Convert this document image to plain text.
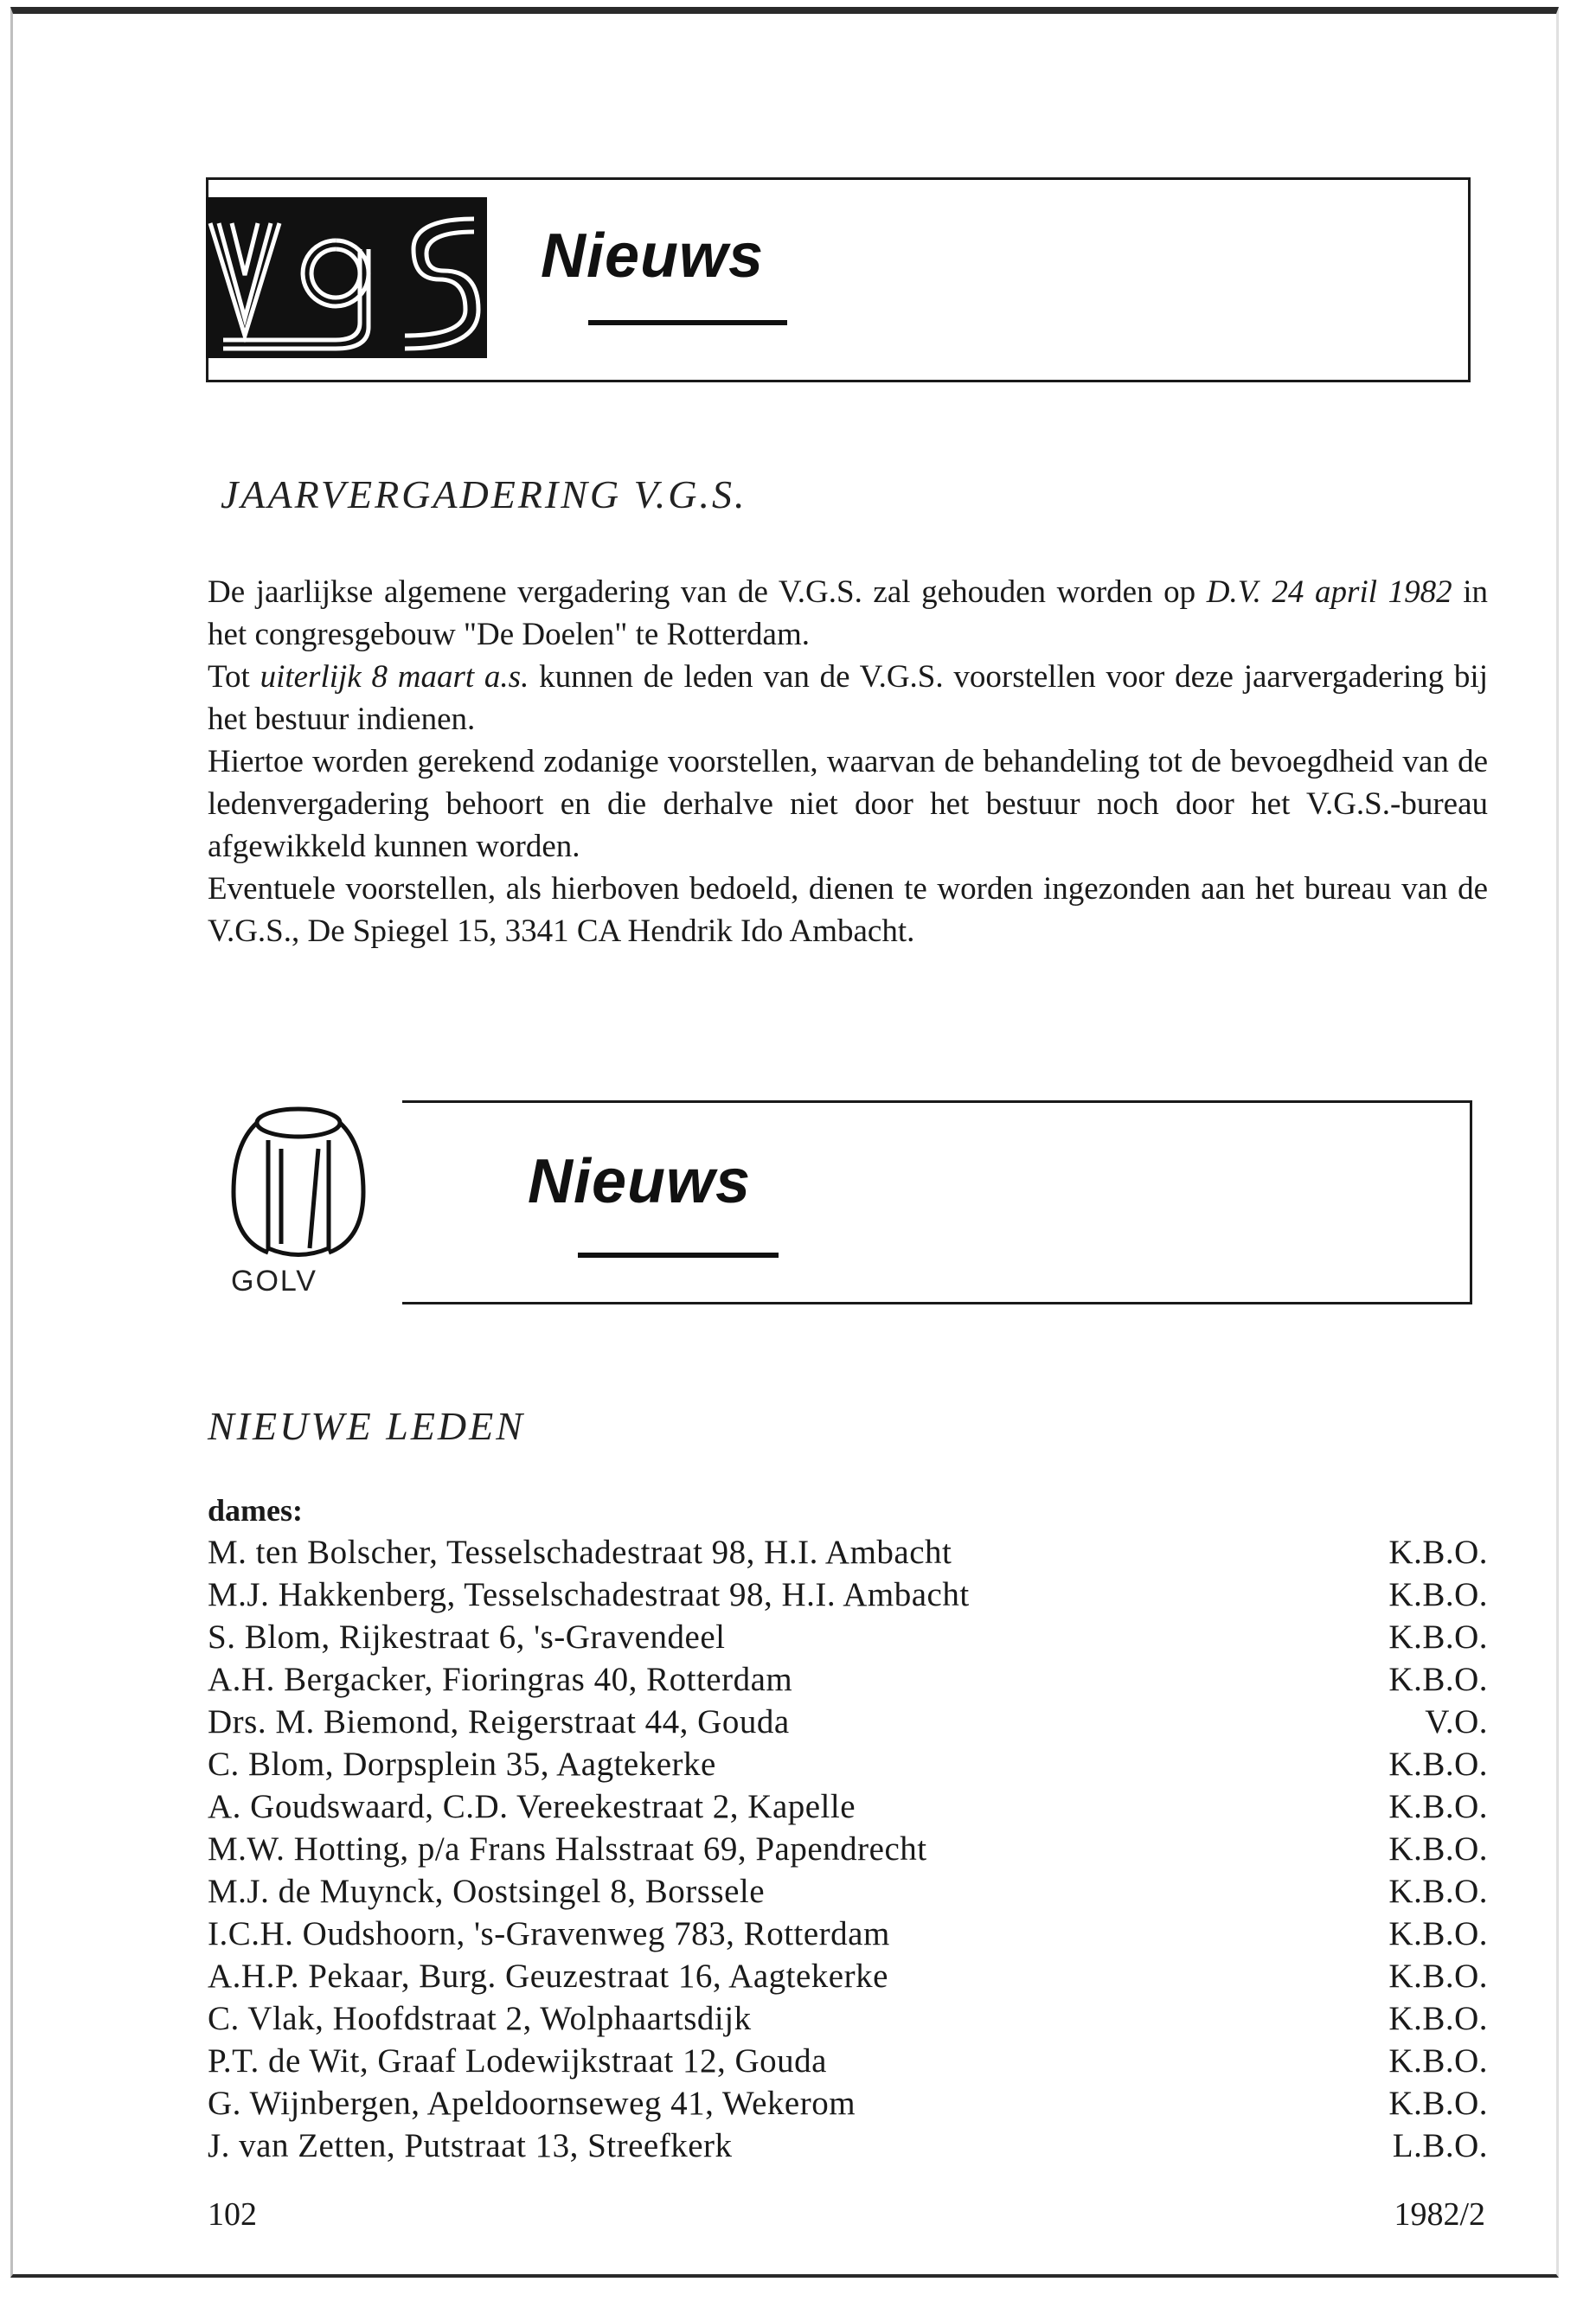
Nieuws
JAARVERGADERING V.G.S.

De jaarlijkse algemene vergadering van de V.G.S. zal gehouden worden op D.V. 24 april 1982 in het congresgebouw "De Doelen" te Rotterdam.

Tot uiterlijk 8 maart a.s. kunnen de leden van de V.G.S. voorstellen voor deze jaarvergadering bij het bestuur indienen.

Hiertoe worden gerekend zodanige voorstellen, waarvan de behandeling tot de bevoegdheid van de ledenvergadering behoort en die derhalve niet door het bestuur noch door het V.G.S.-bureau afgewikkeld kunnen worden.

Eventuele voorstellen, als hierboven bedoeld, dienen te worden ingezonden aan het bureau van de V.G.S., De Spiegel 15, 3341 CA Hendrik Ido Ambacht.

GOLV
Nieuws
NIEUWE LEDEN
dames:
M. ten Bolscher, Tesselschadestraat 98, H.I. Ambacht	K.B.O.
M.J. Hakkenberg, Tesselschadestraat 98, H.I. Ambacht	K.B.O.
S. Blom, Rijkestraat 6, 's-Gravendeel	K.B.O.
A.H. Bergacker, Fioringras 40, Rotterdam	K.B.O.
Drs. M. Biemond, Reigerstraat 44, Gouda	V.O.
C. Blom, Dorpsplein 35, Aagtekerke	K.B.O.
A. Goudswaard, C.D. Vereekestraat 2, Kapelle	K.B.O.
M.W. Hotting, p/a Frans Halsstraat 69, Papendrecht	K.B.O.
M.J. de Muynck, Oostsingel 8, Borssele	K.B.O.
I.C.H. Oudshoorn, 's-Gravenweg 783, Rotterdam	K.B.O.
A.H.P. Pekaar, Burg. Geuzestraat 16, Aagtekerke	K.B.O.
C. Vlak, Hoofdstraat 2, Wolphaartsdijk	K.B.O.
P.T. de Wit, Graaf Lodewijkstraat 12, Gouda	K.B.O.
G. Wijnbergen, Apeldoornseweg 41, Wekerom	K.B.O.
J. van Zetten, Putstraat 13, Streefkerk	L.B.O.
102	1982/2
